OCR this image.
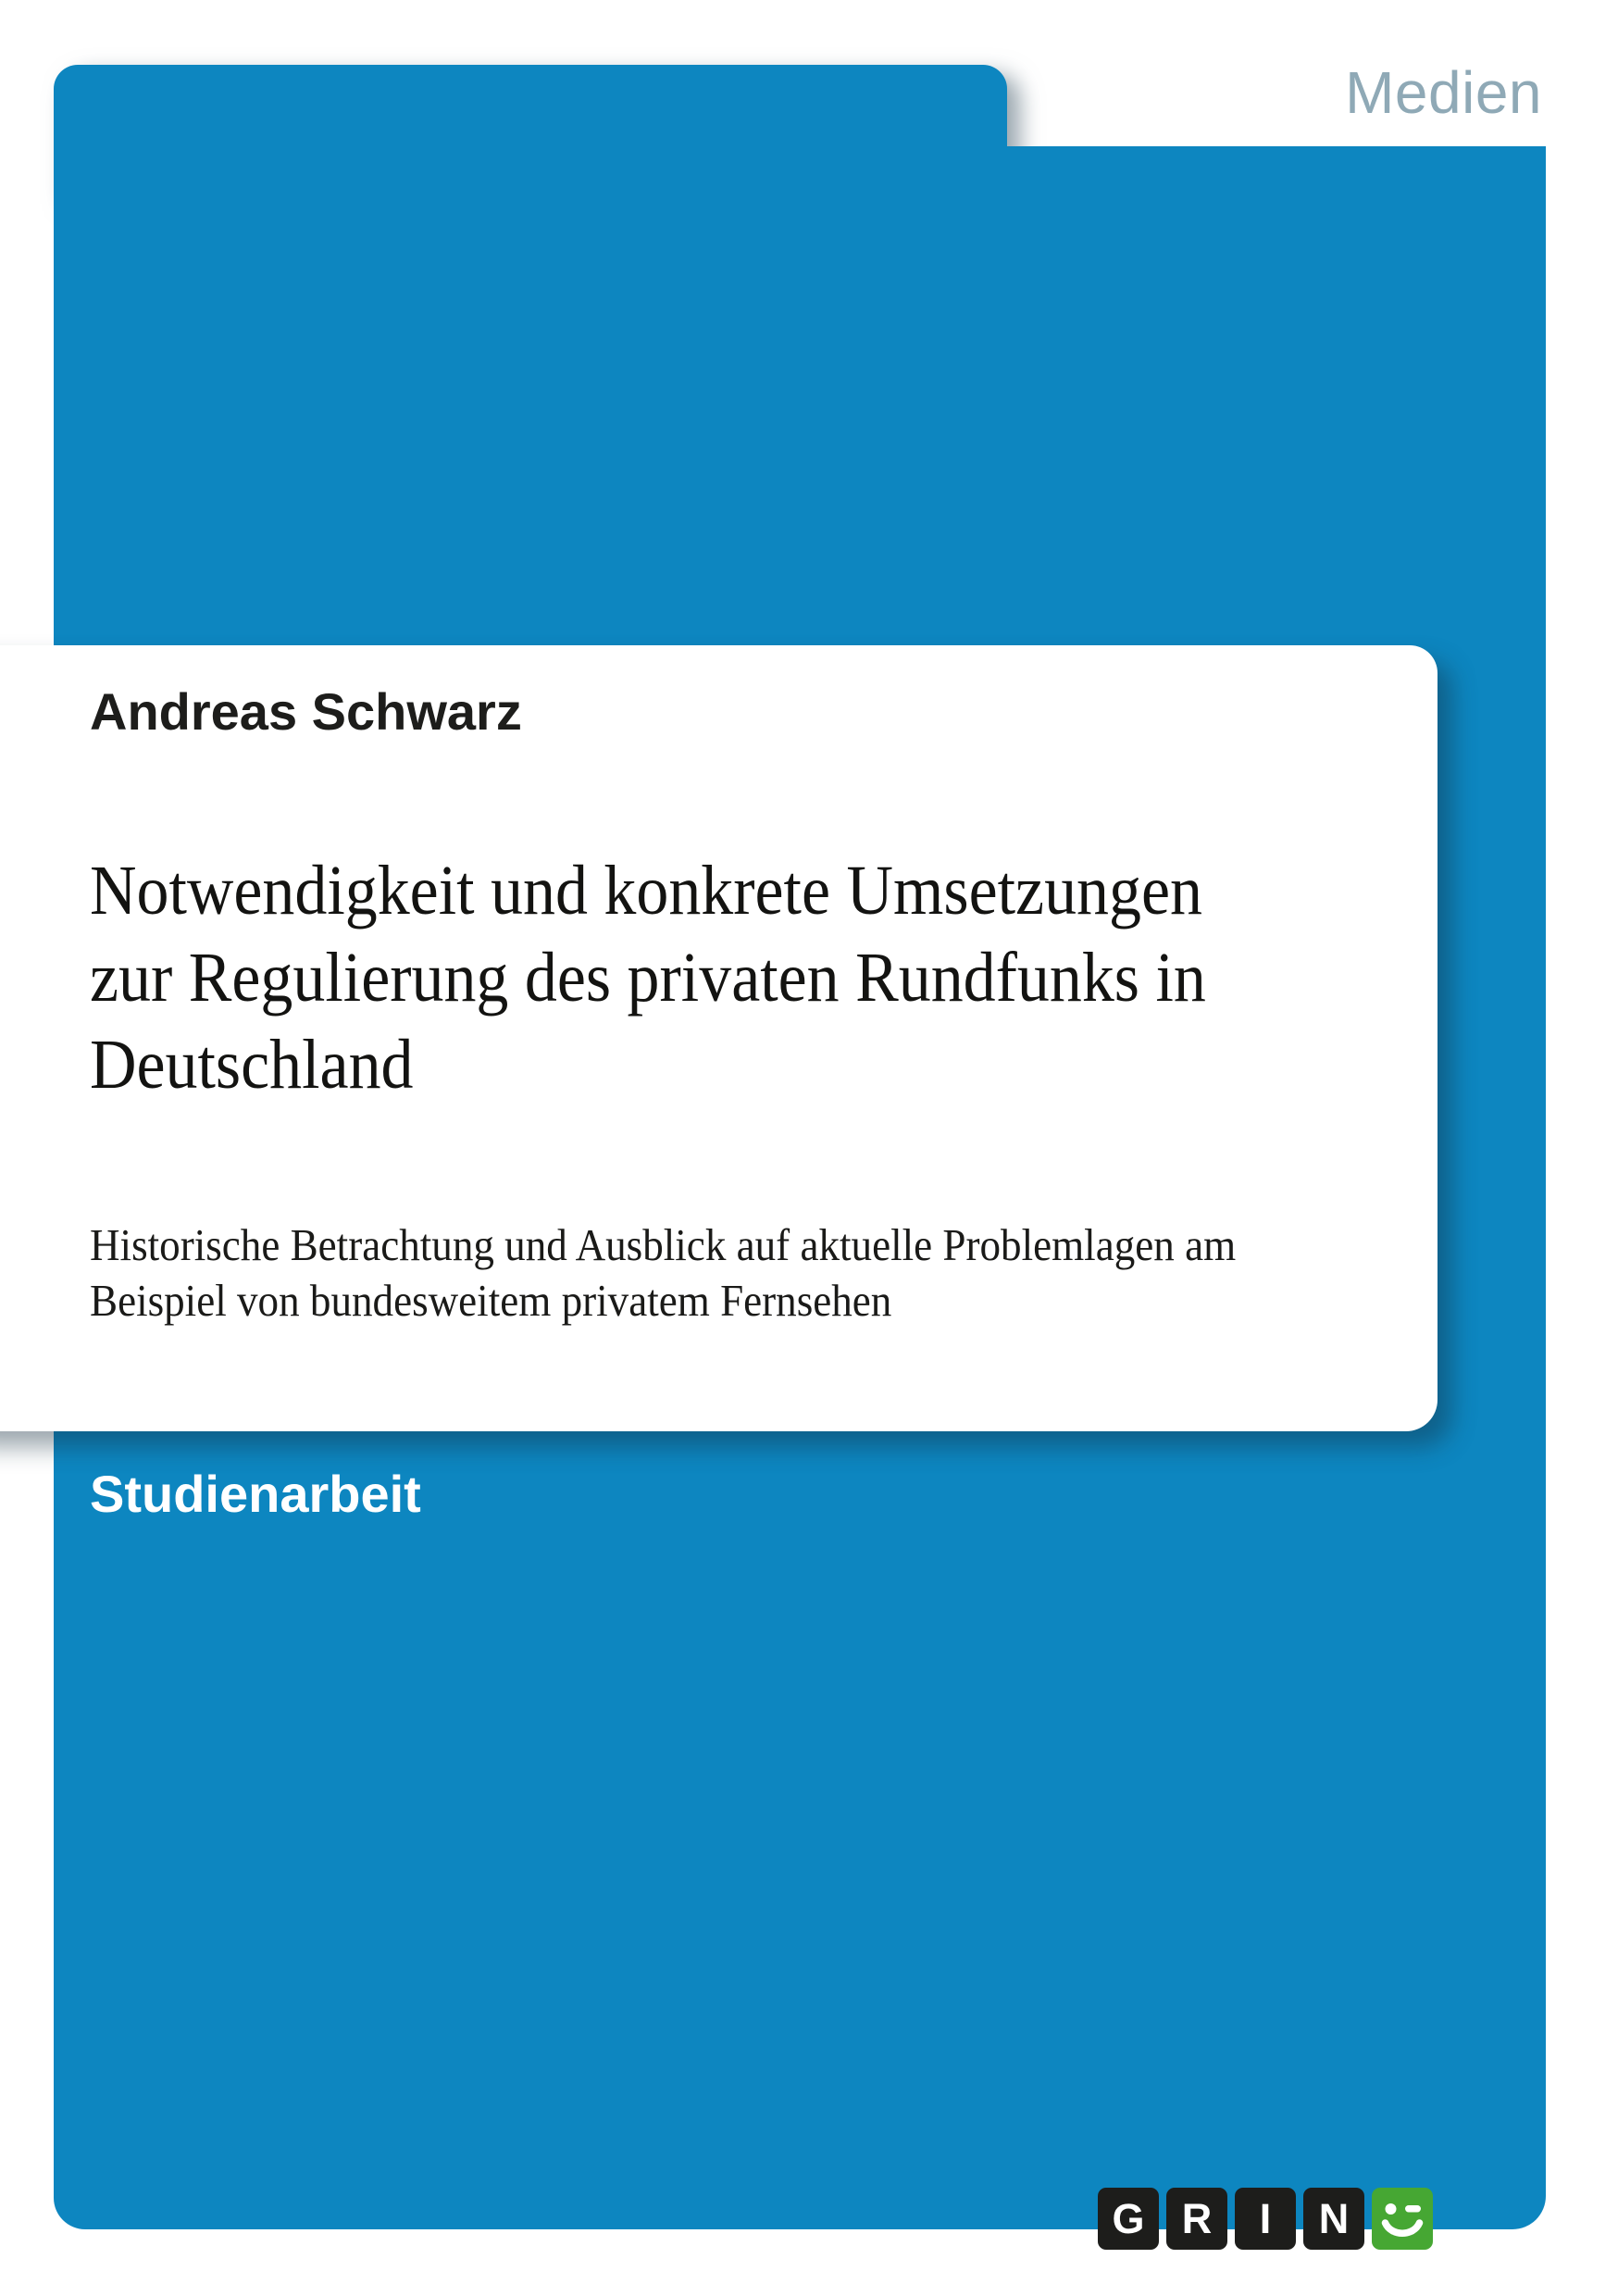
Medien
Andreas Schwarz
Notwendigkeit und konkrete Umsetzungen
zur Regulierung des privaten Rundfunks in
Deutschland
Historische Betrachtung und Ausblick auf aktuelle Problemlagen am
Beispiel von bundesweitem privatem Fernsehen
Studienarbeit
G R	I	N
